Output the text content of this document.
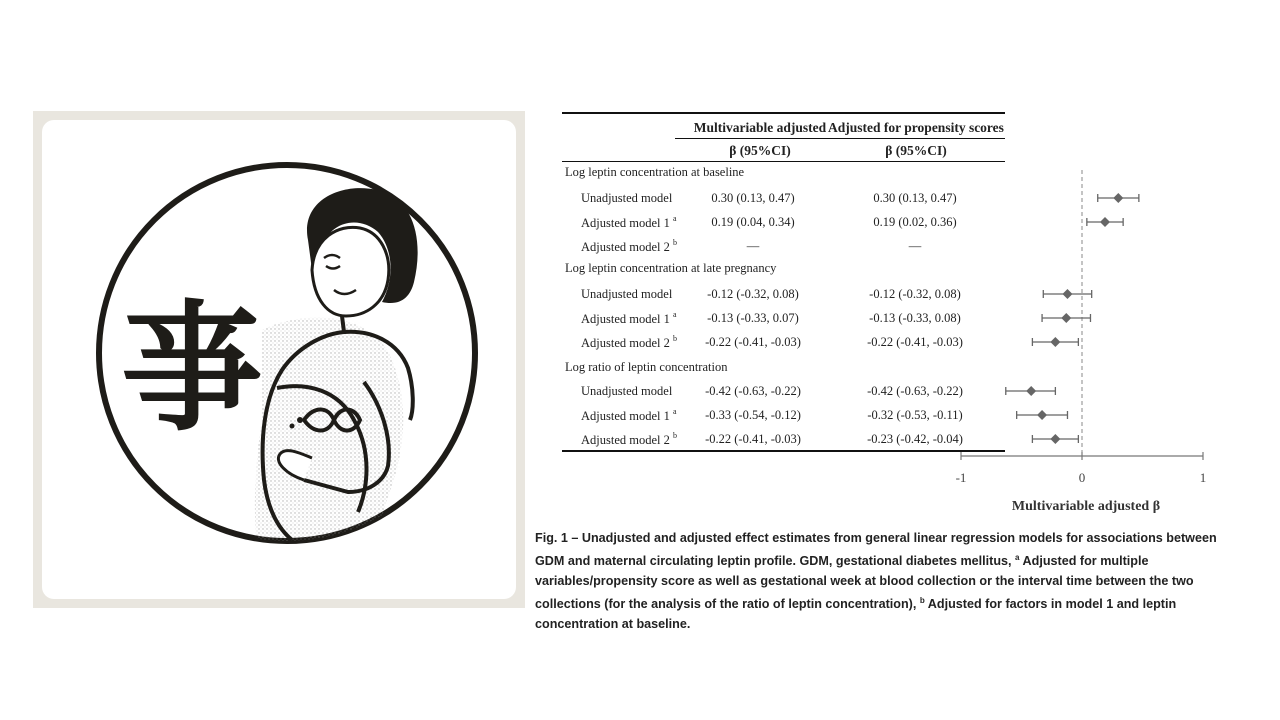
亊
Multivariable adjusted Adjusted for propensity scores
β (95%CI)	β (95%CI)
Log leptin concentration at baseline
Unadjusted model	0.30 (0.13, 0.47)	0.30 (0.13, 0.47)
Adjusted model 1 $^a$	0.19 (0.04, 0.34)	0.19 (0.02, 0.36)
Adjusted model 2 $^b$	—	—
Log leptin concentration at late pregnancy
Unadjusted model	-0.12 (-0.32, 0.08)	-0.12 (-0.32, 0.08)
Adjusted model 1 $^a$	-0.13 (-0.33, 0.07)	-0.13 (-0.33, 0.08)
Adjusted model 2 $^b$	-0.22 (-0.41, -0.03)	-0.22 (-0.41, -0.03)
Log ratio of leptin concentration
Unadjusted model	-0.42 (-0.63, -0.22)	-0.42 (-0.63, -0.22)
Adjusted model 1 $^a$	-0.33 (-0.54, -0.12)	-0.32 (-0.53, -0.11)
Adjusted model 2 $^b$	-0.22 (-0.41, -0.03)	-0.23 (-0.42, -0.04)
-1	0	1
Multivariable adjusted β
Fig. 1 – Unadjusted and adjusted effect estimates from general linear regression models for associations between GDM and maternal circulating leptin profile. GDM, gestational diabetes mellitus, $^a$ Adjusted for multiple variables/propensity score as well as gestational week at blood collection or the interval time between the two collections (for the analysis of the ratio of leptin concentration), $^b$ Adjusted for factors in model 1 and leptin concentration at baseline.
